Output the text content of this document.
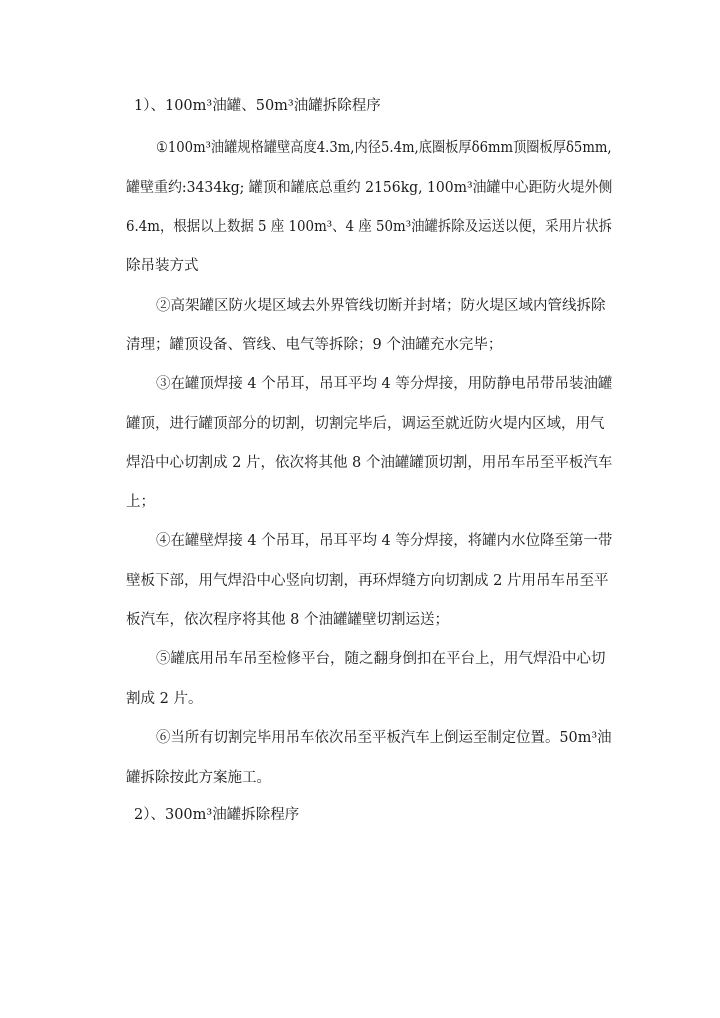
1）、100m³油罐、50m³油罐拆除程序
①100m³油罐规格罐壁高度4.3m,内径5.4m,底圈板厚δ6mm顶圈板厚δ5mm,
罐壁重约:3434kg; 罐顶和罐底总重约 2156kg, 100m³油罐中心距防火堤外侧
6.4m，根据以上数据 5 座 100m³、4 座 50m³油罐拆除及运送以便，采用片状拆
除吊装方式
②高架罐区防火堤区域去外界管线切断并封堵；防火堤区域内管线拆除
清理；罐顶设备、管线、电气等拆除；9 个油罐充水完毕；
③在罐顶焊接 4 个吊耳，吊耳平均 4 等分焊接，用防静电吊带吊装油罐
罐顶，进行罐顶部分的切割，切割完毕后，调运至就近防火堤内区域，用气
焊沿中心切割成 2 片，依次将其他 8 个油罐罐顶切割，用吊车吊至平板汽车
上；
④在罐壁焊接 4 个吊耳，吊耳平均 4 等分焊接，将罐内水位降至第一带
壁板下部，用气焊沿中心竖向切割，再环焊缝方向切割成 2 片用吊车吊至平
板汽车，依次程序将其他 8 个油罐罐壁切割运送；
⑤罐底用吊车吊至检修平台，随之翻身倒扣在平台上，用气焊沿中心切
割成 2 片。
⑥当所有切割完毕用吊车依次吊至平板汽车上倒运至制定位置。50m³油
罐拆除按此方案施工。
2）、300m³油罐拆除程序
